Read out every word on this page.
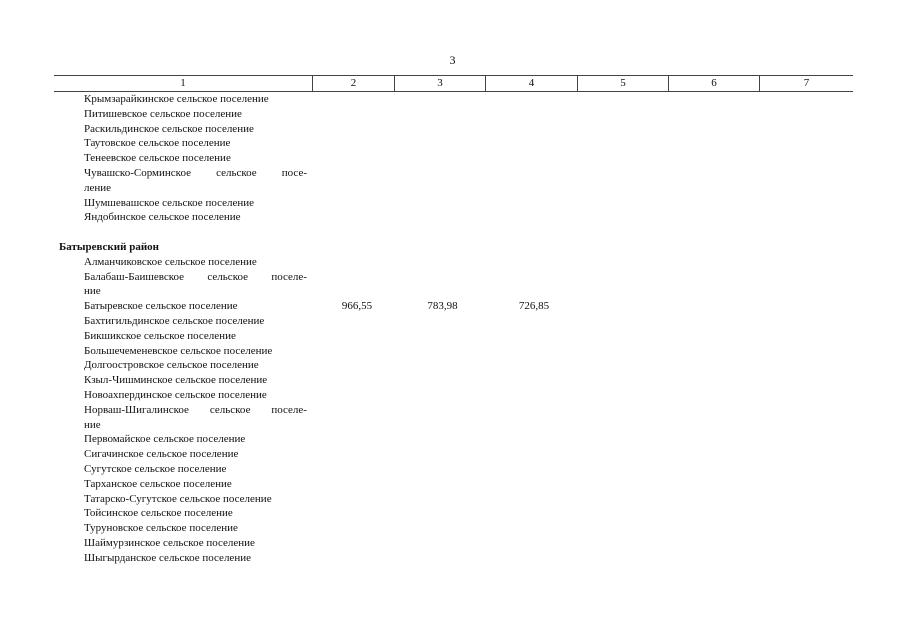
3
1	2	3	4	5	6	7
Крымзарайкинское сельское поселение
Питишевское сельское поселение
Раскильдинское сельское поселение
Таутовское сельское поселение
Тенеевское сельское поселение
Чувашско-Сорминское сельское посе-
ление
Шумшевашское сельское поселение
Яндобинское сельское поселение
Батыревский район
Алманчиковское сельское поселение
Балабаш-Баишевское сельское поселе-
ние
Батыревское сельское поселение	966,55	783,98	726,85
Бахтигильдинское сельское поселение
Бикшикское сельское поселение
Большечеменевское сельское поселение
Долгоостровское сельское поселение
Кзыл-Чишминское сельское поселение
Новоахпердинское сельское поселение
Норваш-Шигалинское сельское поселе-
ние
Первомайское сельское поселение
Сигачинское сельское поселение
Сугутское сельское поселение
Тарханское сельское поселение
Татарско-Сугутское сельское поселение
Тойсинское сельское поселение
Туруновское сельское поселение
Шаймурзинское сельское поселение
Шыгырданское сельское поселение
